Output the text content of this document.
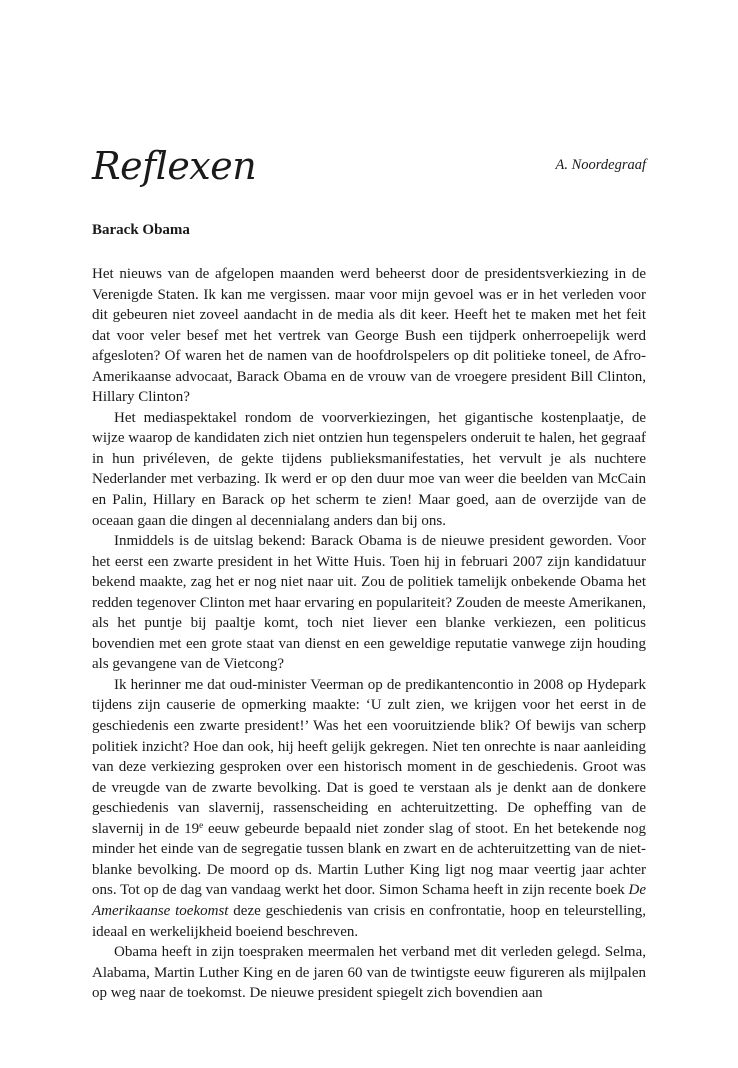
Reflexen	A. Noordegraaf
Barack Obama

Het nieuws van de afgelopen maanden werd beheerst door de presidentsverkiezing in de Verenigde Staten. Ik kan me vergissen. maar voor mijn gevoel was er in het verleden voor dit gebeuren niet zoveel aandacht in de media als dit keer. Heeft het te maken met het feit dat voor veler besef met het vertrek van George Bush een tijdperk onherroepelijk werd afgesloten? Of waren het de namen van de hoofdrolspelers op dit politieke toneel, de Afro-Amerikaanse advocaat, Barack Obama en de vrouw van de vroegere president Bill Clinton, Hillary Clinton?

Het mediaspektakel rondom de voorverkiezingen, het gigantische kostenplaatje, de wijze waarop de kandidaten zich niet ontzien hun tegenspelers onderuit te halen, het gegraaf in hun privéleven, de gekte tijdens publieksmanifestaties, het vervult je als nuchtere Nederlander met verbazing. Ik werd er op den duur moe van weer die beelden van McCain en Palin, Hillary en Barack op het scherm te zien! Maar goed, aan de overzijde van de oceaan gaan die dingen al decennialang anders dan bij ons.

Inmiddels is de uitslag bekend: Barack Obama is de nieuwe president geworden. Voor het eerst een zwarte president in het Witte Huis. Toen hij in februari 2007 zijn kandidatuur bekend maakte, zag het er nog niet naar uit. Zou de politiek tamelijk onbekende Obama het redden tegenover Clinton met haar ervaring en populariteit? Zouden de meeste Amerikanen, als het puntje bij paaltje komt, toch niet liever een blanke verkiezen, een politicus bovendien met een grote staat van dienst en een geweldige reputatie vanwege zijn houding als gevangene van de Vietcong?

Ik herinner me dat oud-minister Veerman op de predikantencontio in 2008 op Hydepark tijdens zijn causerie de opmerking maakte: ‘U zult zien, we krijgen voor het eerst in de geschiedenis een zwarte president!’ Was het een vooruitziende blik? Of bewijs van scherp politiek inzicht? Hoe dan ook, hij heeft gelijk gekregen. Niet ten onrechte is naar aanleiding van deze verkiezing gesproken over een historisch moment in de geschiedenis. Groot was de vreugde van de zwarte bevolking. Dat is goed te verstaan als je denkt aan de donkere geschiedenis van slavernij, rassenscheiding en achteruitzetting. De opheffing van de slavernij in de 19e eeuw gebeurde bepaald niet zonder slag of stoot. En het betekende nog minder het einde van de segregatie tussen blank en zwart en de achteruitzetting van de niet-blanke bevolking. De moord op ds. Martin Luther King ligt nog maar veertig jaar achter ons. Tot op de dag van vandaag werkt het door. Simon Schama heeft in zijn recente boek De Amerikaanse toekomst deze geschiedenis van crisis en confrontatie, hoop en teleurstelling, ideaal en werkelijkheid boeiend beschreven.

Obama heeft in zijn toespraken meermalen het verband met dit verleden gelegd. Selma, Alabama, Martin Luther King en de jaren 60 van de twintigste eeuw figureren als mijlpalen op weg naar de toekomst. De nieuwe president spiegelt zich bovendien aan
